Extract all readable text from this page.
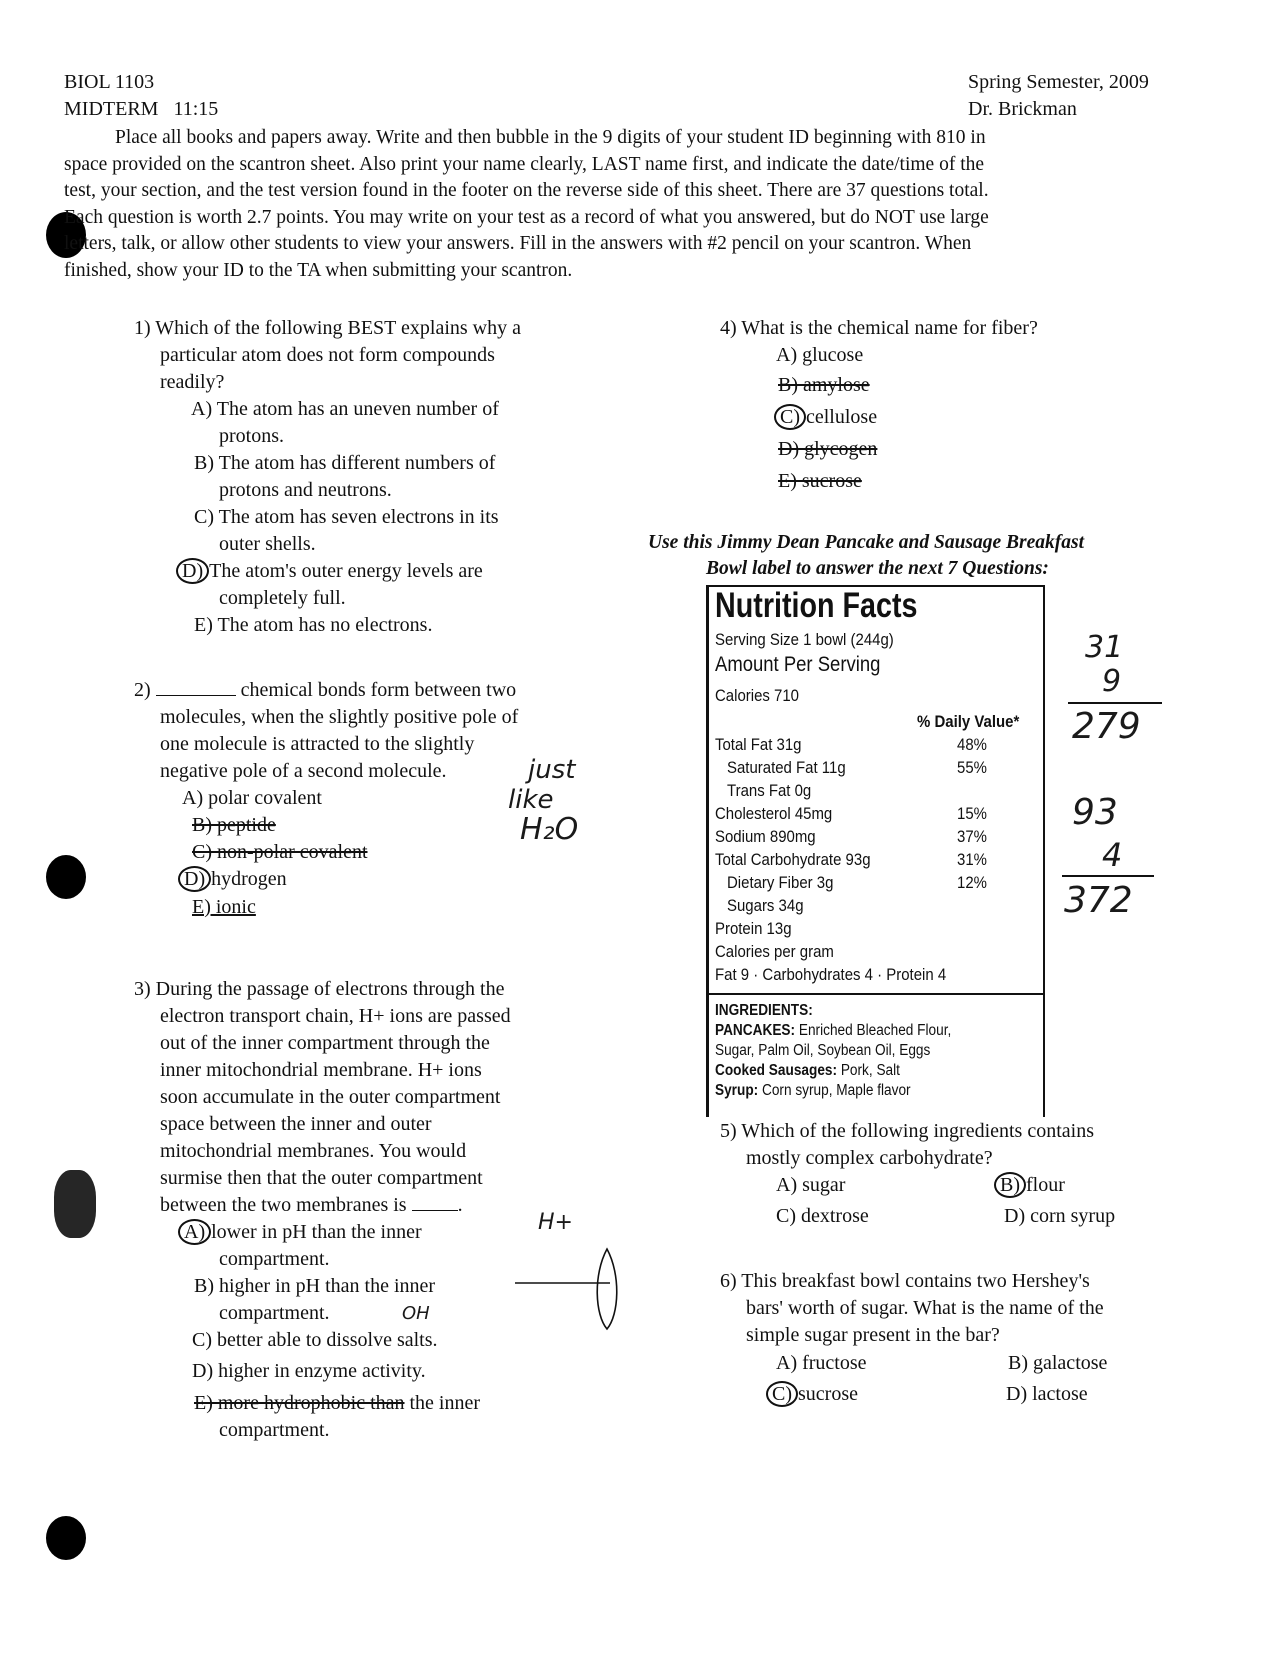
BIOL 1103
MIDTERM   11:15
Spring Semester, 2009
Dr. Brickman
Place all books and papers away. Write and then bubble in the 9 digits of your student ID beginning with 810 in
space provided on the scantron sheet. Also print your name clearly, LAST name first, and indicate the date/time of the
test, your section, and the test version found in the footer on the reverse side of this sheet. There are 37 questions total.
Each question is worth 2.7 points. You may write on your test as a record of what you answered, but do NOT use large
letters, talk, or allow other students to view your answers. Fill in the answers with #2 pencil on your scantron. When
finished, show your ID to the TA when submitting your scantron.
1) Which of the following BEST explains why a
particular atom does not form compounds
readily?
A) The atom has an uneven number of
protons.
B) The atom has different numbers of
protons and neutrons.
C) The atom has seven electrons in its
outer shells.
D) The atom's outer energy levels are
completely full.
E) The atom has no electrons.
2)	chemical bonds form between two
molecules, when the slightly positive pole of
one molecule is attracted to the slightly
negative pole of a second molecule.
A) polar covalent
B) peptide
C) non-polar covalent
D) hydrogen
E) ionic
just
like
H₂O
3) During the passage of electrons through the
electron transport chain, H+ ions are passed
out of the inner compartment through the
inner mitochondrial membrane. H+ ions
soon accumulate in the outer compartment
space between the inner and outer
mitochondrial membranes. You would
surmise then that the outer compartment
between the two membranes is	.
A) lower in pH than the inner
compartment.
B) higher in pH than the inner
compartment.
C) better able to dissolve salts.
D) higher in enzyme activity.
E) more hydrophobic than the inner
compartment.
H+
OH
4) What is the chemical name for fiber?
A) glucose
B) amylose
C) cellulose
D) glycogen
E) sucrose
Use this Jimmy Dean Pancake and Sausage Breakfast
Bowl label to answer the next 7 Questions:
Nutrition Facts
Serving Size 1 bowl (244g)
Amount Per Serving
Calories 710
% Daily Value*
Total Fat 31g	48%
Saturated Fat 11g	55%
Trans Fat 0g
Cholesterol 45mg	15%
Sodium 890mg	37%
Total Carbohydrate 93g	31%
Dietary Fiber 3g	12%
Sugars 34g
Protein 13g
Calories per gram
Fat 9 · Carbohydrates 4 · Protein 4
INGREDIENTS:
PANCAKES: Enriched Bleached Flour,
Sugar, Palm Oil, Soybean Oil, Eggs
Cooked Sausages: Pork, Salt
Syrup: Corn syrup, Maple flavor
31
9
279
93
4
372
5) Which of the following ingredients contains
mostly complex carbohydrate?
A) sugar	B) flour
C) dextrose	D) corn syrup
6) This breakfast bowl contains two Hershey's
bars' worth of sugar. What is the name of the
simple sugar present in the bar?
A) fructose	B) galactose
C) sucrose	D) lactose
